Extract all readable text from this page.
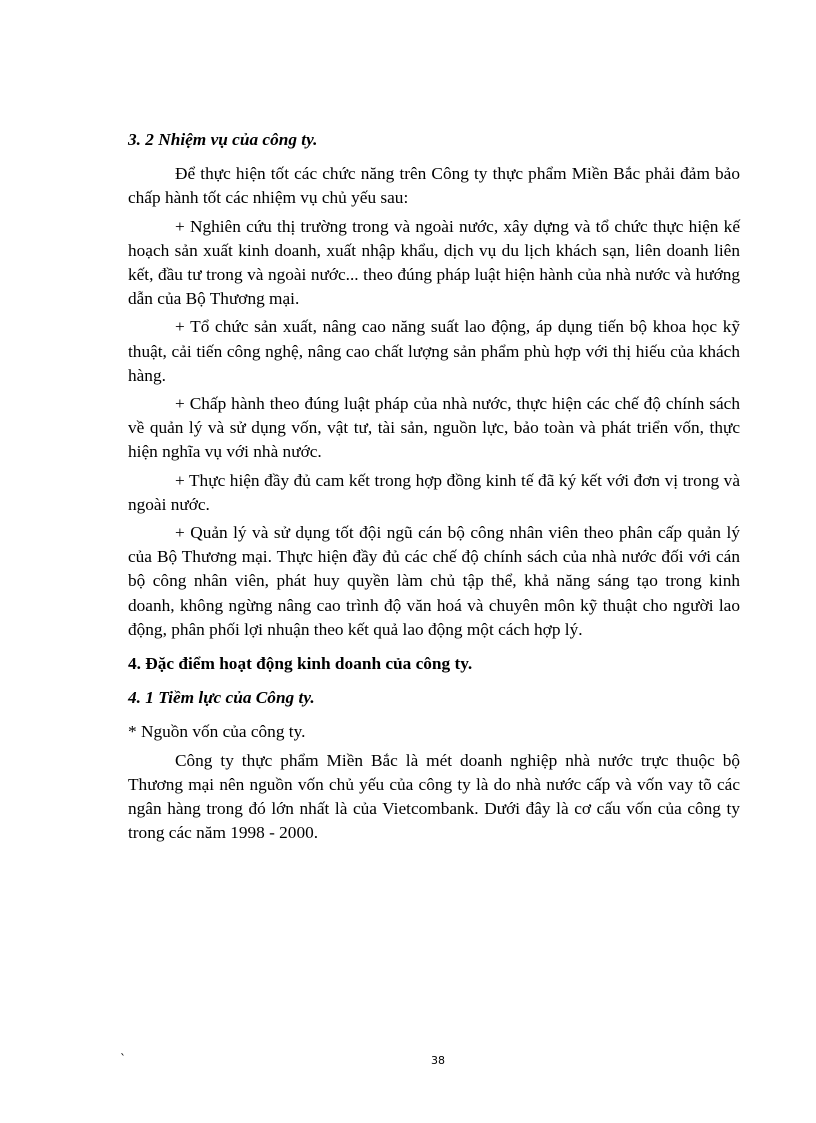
3. 2 Nhiệm vụ của công ty.

Để thực hiện tốt các chức năng trên Công ty thực phẩm Miền Bắc phải đảm bảo chấp hành tốt các nhiệm vụ chủ yếu sau:

+ Nghiên cứu thị trường trong và ngoài nước, xây dựng và tổ chức thực hiện kế hoạch sản xuất kinh doanh, xuất nhập khẩu, dịch vụ du lịch khách sạn, liên doanh liên kết, đầu tư trong và ngoài nước... theo đúng pháp luật hiện hành của nhà nước và hướng dẫn của Bộ Thương mại.

+ Tổ chức sản xuất, nâng cao năng suất lao động, áp dụng tiến bộ khoa học kỹ thuật, cải tiến công nghệ, nâng cao chất lượng sản phẩm phù hợp với thị hiếu của khách hàng.

+ Chấp hành theo đúng luật pháp của nhà nước, thực hiện các chế độ chính sách về quản lý và sử dụng vốn, vật tư, tài sản, nguồn lực, bảo toàn và phát triển vốn, thực hiện nghĩa vụ với nhà nước.

+ Thực hiện đầy đủ cam kết trong hợp đồng kinh tế đã ký kết với đơn vị trong và ngoài nước.

+ Quản lý và sử dụng tốt đội ngũ cán bộ công nhân viên theo phân cấp quản lý của Bộ Thương mại. Thực hiện đầy đủ các chế độ chính sách của nhà nước đối với cán bộ công nhân viên, phát huy quyền làm chủ tập thể, khả năng sáng tạo trong kinh doanh, không ngừng nâng cao trình độ văn hoá và chuyên môn kỹ thuật cho người lao động, phân phối lợi nhuận theo kết quả lao động một cách hợp lý.

4. Đặc điểm hoạt động kinh doanh của công ty.

4. 1 Tiềm lực của Công ty.

* Nguồn vốn của công ty.

Công ty thực phẩm Miền Bắc là mét doanh nghiệp nhà nước trực thuộc bộ Thương mại nên nguồn vốn chủ yếu của công ty là do nhà nước cấp và vốn vay tõ các ngân hàng trong đó lớn nhất là của Vietcombank. Dưới đây là cơ cấu vốn của công ty trong các năm 1998 - 2000.

`	38
